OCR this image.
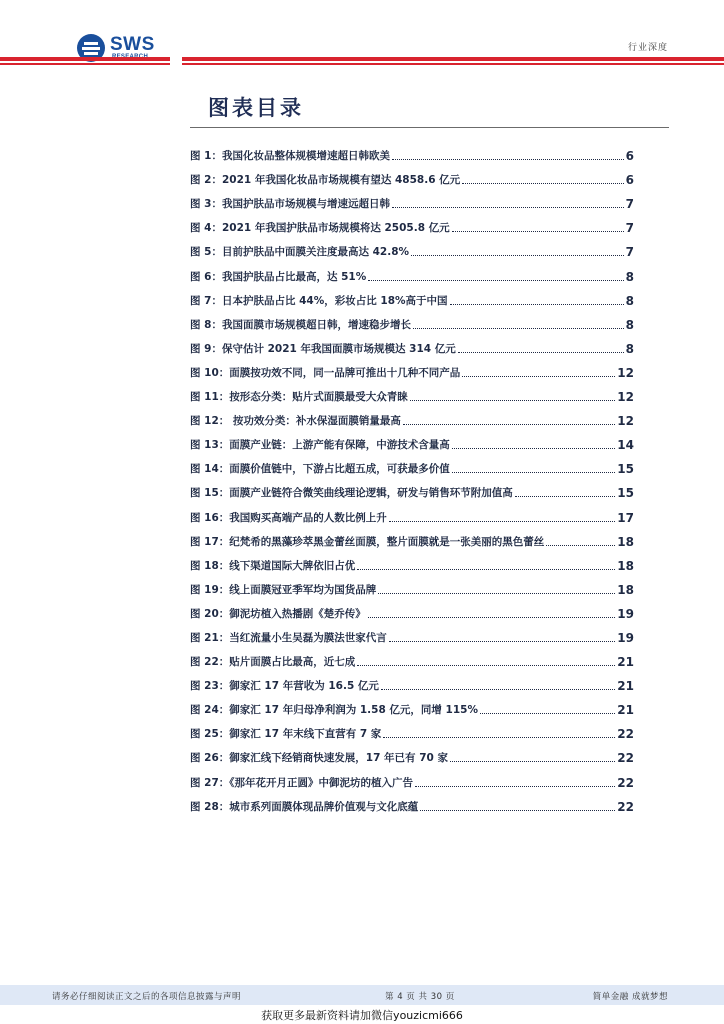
SWS	行业深度
图表目录
图 1：我国化妆品整体规模增速超日韩欧美	6
图 2：2021 年我国化妆品市场规模有望达 4858.6 亿元	6
图 3：我国护肤品市场规模与增速远超日韩	7
图 4：2021 年我国护肤品市场规模将达 2505.8 亿元	7
图 5：目前护肤品中面膜关注度最高达 42.8%	7
图 6：我国护肤品占比最高，达 51%	8
图 7：日本护肤品占比 44%，彩妆占比 18%高于中国	8
图 8：我国面膜市场规模超日韩，增速稳步增长	8
图 9：保守估计 2021 年我国面膜市场规模达 314 亿元	8
图 10：面膜按功效不同，同一品牌可推出十几种不同产品	12
图 11：按形态分类：贴片式面膜最受大众青睐	12
图 12： 按功效分类：补水保湿面膜销量最高	12
图 13：面膜产业链：上游产能有保障，中游技术含量高	14
图 14：面膜价值链中，下游占比超五成，可获最多价值	15
图 15：面膜产业链符合微笑曲线理论逻辑，研发与销售环节附加值高	15
图 16：我国购买高端产品的人数比例上升	17
图 17：纪梵希的黑藻珍萃黑金蕾丝面膜，整片面膜就是一张美丽的黑色蕾丝	18
图 18：线下渠道国际大牌依旧占优	18
图 19：线上面膜冠亚季军均为国货品牌	18
图 20：御泥坊植入热播剧《楚乔传》	19
图 21：当红流量小生吴磊为膜法世家代言	19
图 22：贴片面膜占比最高，近七成	21
图 23：御家汇 17 年营收为 16.5 亿元	21
图 24：御家汇 17 年归母净利润为 1.58 亿元，同增 115%	21
图 25：御家汇 17 年末线下直营有 7 家	22
图 26：御家汇线下经销商快速发展，17 年已有 70 家	22
图 27：《那年花开月正圆》中御泥坊的植入广告	22
图 28：城市系列面膜体现品牌价值观与文化底蕴	22
请务必仔细阅读正文之后的各项信息披露与声明	第 4 页 共 30 页	简单金融 成就梦想
获取更多最新资料请加微信youzicmi666
